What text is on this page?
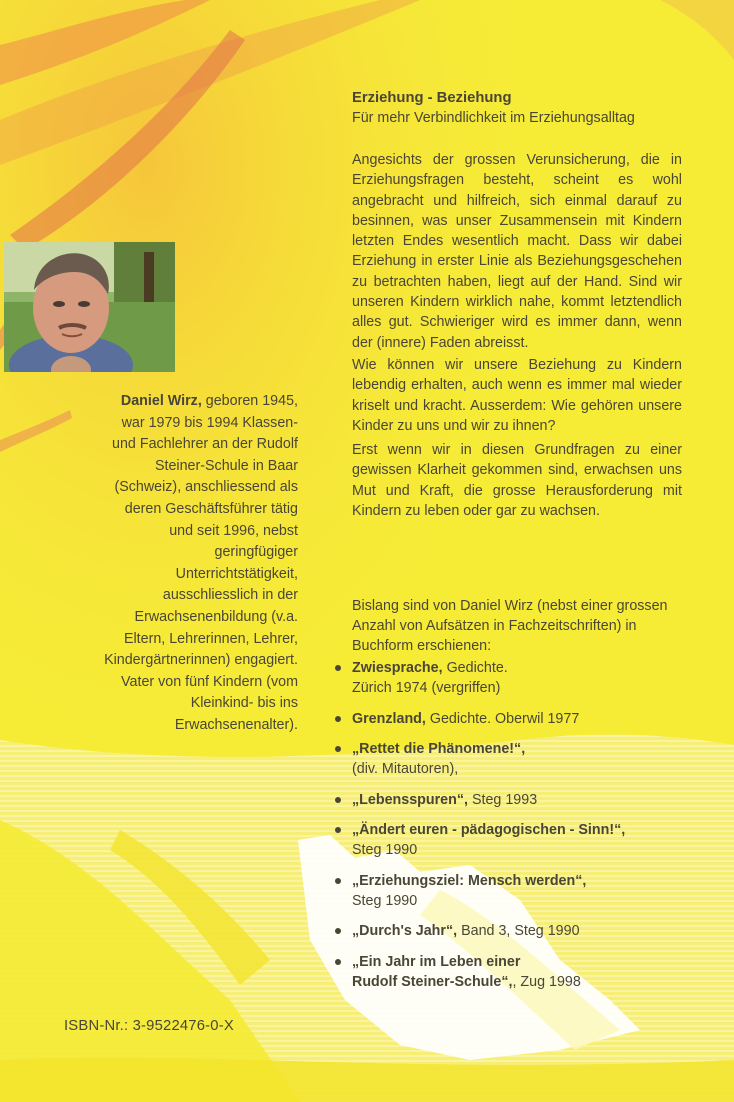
Daniel Wirz, geboren 1945, war 1979 bis 1994 Klassen- und Fachlehrer an der Rudolf Steiner-Schule in Baar (Schweiz), anschliessend als deren Geschäftsführer tätig und seit 1996, nebst geringfügiger Unterrichtstätigkeit, ausschliesslich in der Erwachsenenbildung (v.a. Eltern, Lehrerinnen, Lehrer, Kindergärtnerinnen) engagiert. Vater von fünf Kindern (vom Kleinkind- bis ins Erwachsenenalter).
Erziehung - Beziehung
Für mehr Verbindlichkeit im Erziehungsalltag
Angesichts der grossen Verunsicherung, die in Erziehungsfragen besteht, scheint es wohl angebracht und hilfreich, sich einmal darauf zu besinnen, was unser Zusammensein mit Kindern letzten Endes wesentlich macht. Dass wir dabei Erziehung in erster Linie als Beziehungsgeschehen zu betrachten haben, liegt auf der Hand. Sind wir unseren Kindern wirklich nahe, kommt letztendlich alles gut. Schwieriger wird es immer dann, wenn der (innere) Faden abreisst.
Wie können wir unsere Beziehung zu Kindern lebendig erhalten, auch wenn es immer mal wieder kriselt und kracht. Ausserdem: Wie gehören unsere Kinder zu uns und wir zu ihnen?
Erst wenn wir in diesen Grundfragen zu einer gewissen Klarheit gekommen sind, erwachsen uns Mut und Kraft, die grosse Herausforderung mit Kindern zu leben oder gar zu wachsen.
Bislang sind von Daniel Wirz (nebst einer grossen Anzahl von Aufsätzen in Fachzeitschriften) in Buchform erschienen:
Zwiesprache, Gedichte.
Zürich 1974 (vergriffen)
Grenzland, Gedichte. Oberwil 1977
„Rettet die Phänomene!“,
(div. Mitautoren),
„Lebensspuren“, Steg 1993
„Ändert euren - pädagogischen - Sinn!“,
Steg 1990
„Erziehungsziel: Mensch werden“,
Steg 1990
„Durch's Jahr“, Band 3, Steg 1990
„Ein Jahr im Leben einer
Rudolf Steiner-Schule“,, Zug 1998
ISBN-Nr.: 3-9522476-0-X
